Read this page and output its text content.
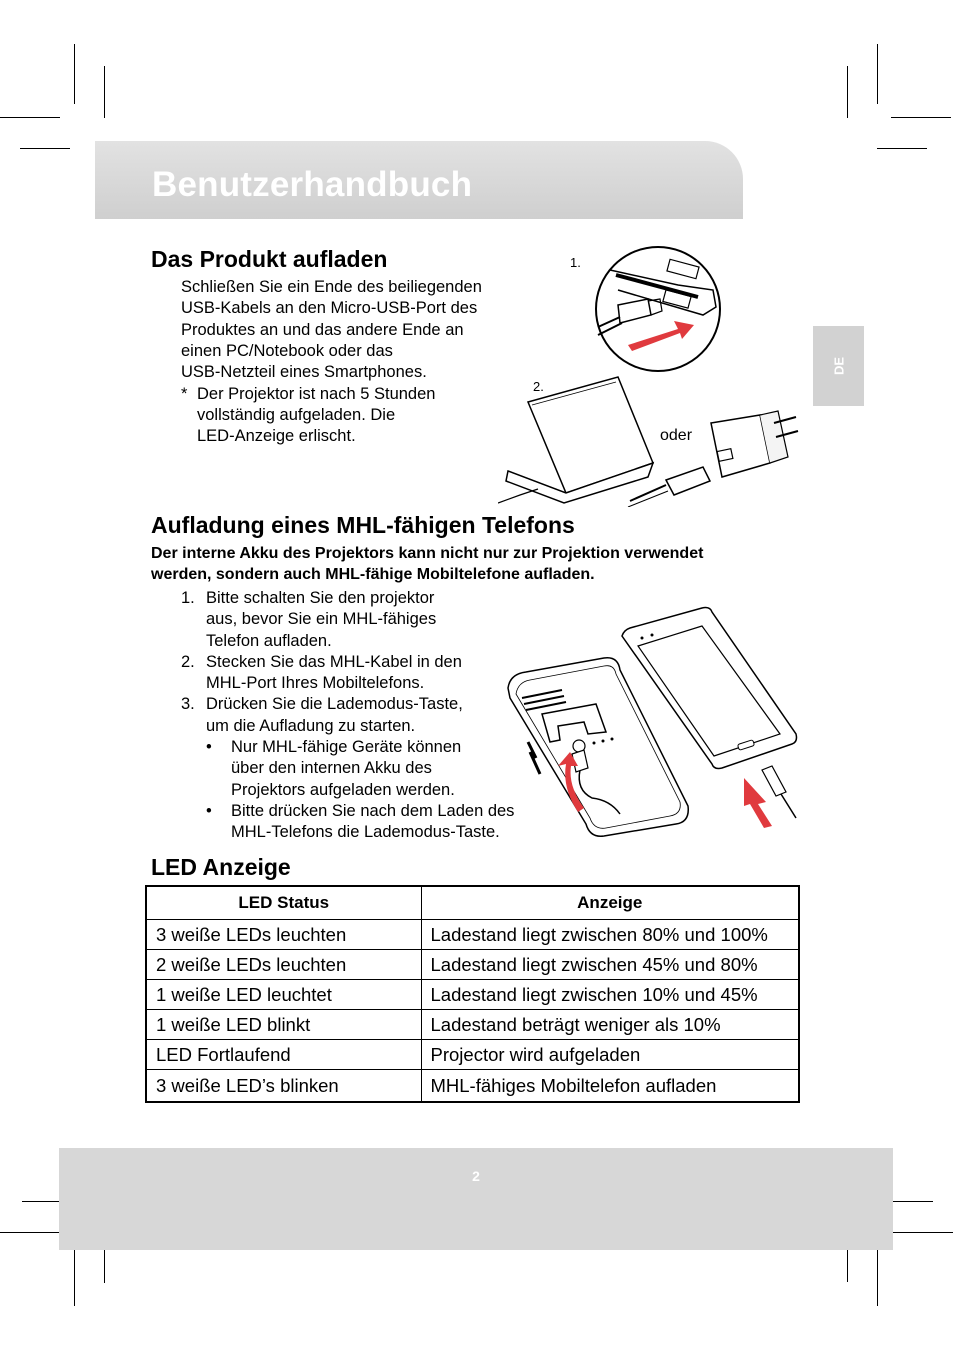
Benutzerhandbuch
DE
Das Produkt aufladen
Schließen Sie ein Ende des beiliegenden
USB-Kabels an den Micro-USB-Port des
Produktes an und das andere Ende an
einen PC/Notebook oder das
USB-Netzteil eines Smartphones.
* Der Projektor ist nach 5 Stunden
vollständig aufgeladen. Die
LED-Anzeige erlischt.
1.
2.
oder
Aufladung eines MHL-fähigen Telefons
Der interne Akku des Projektors kann nicht nur zur Projektion verwendet
werden, sondern auch MHL-fähige Mobiltelefone aufladen.
1. Bitte schalten Sie den projektor
aus, bevor Sie ein MHL-fähiges
Telefon aufladen.
2. Stecken Sie das MHL-Kabel in den
MHL-Port Ihres Mobiltelefons.
3. Drücken Sie die Lademodus-Taste,
um die Aufladung zu starten.
• Nur MHL-fähige Geräte können
über den internen Akku des
Projektors aufgeladen werden.
• Bitte drücken Sie nach dem Laden des
MHL-Telefons die Lademodus-Taste.
LED Anzeige
LED Status	Anzeige
3 weiße LEDs leuchten	Ladestand liegt zwischen 80% und 100%
2 weiße LEDs leuchten	Ladestand liegt zwischen 45% und 80%
1 weiße LED leuchtet	Ladestand liegt zwischen 10% und 45%
1 weiße LED blinkt	Ladestand beträgt weniger als 10%
LED Fortlaufend	Projector wird aufgeladen
3 weiße LED’s blinken	MHL-fähiges Mobiltelefon aufladen
2
